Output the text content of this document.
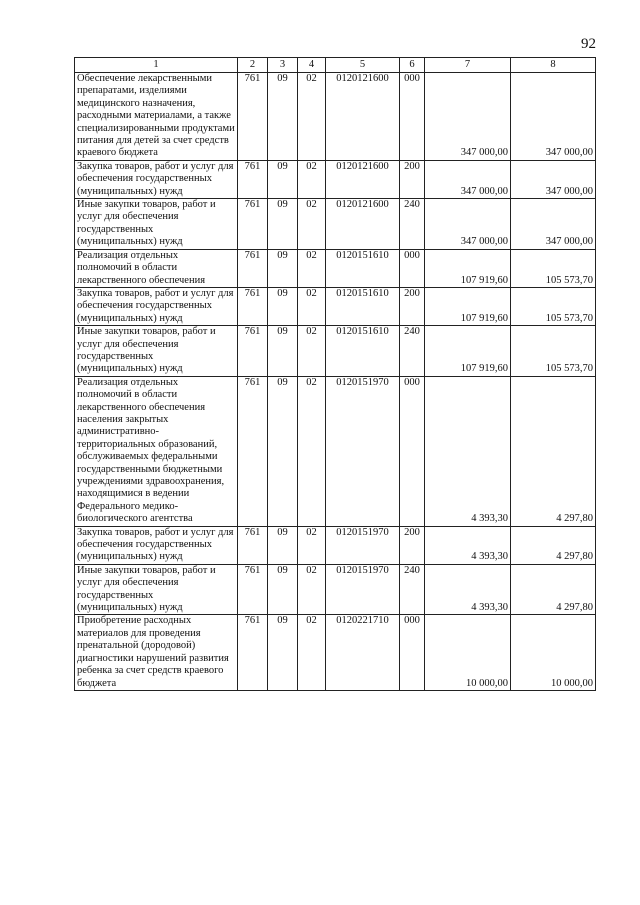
92
1	2	3	4	5	6	7	8
Обеспечение лекарственными препаратами, изделиями медицинского назначения, расходными материалами, а также специализированными продуктами питания для детей за счет средств краевого бюджета	761	09	02	0120121600	000	347 000,00	347 000,00
Закупка товаров, работ и услуг для обеспечения государственных (муниципальных) нужд	761	09	02	0120121600	200	347 000,00	347 000,00
Иные закупки товаров, работ и услуг для обеспечения государственных (муниципальных) нужд	761	09	02	0120121600	240	347 000,00	347 000,00
Реализация отдельных полномочий в области лекарственного обеспечения	761	09	02	0120151610	000	107 919,60	105 573,70
Закупка товаров, работ и услуг для обеспечения государственных (муниципальных) нужд	761	09	02	0120151610	200	107 919,60	105 573,70
Иные закупки товаров, работ и услуг для обеспечения государственных (муниципальных) нужд	761	09	02	0120151610	240	107 919,60	105 573,70
Реализация отдельных полномочий в области лекарственного обеспечения населения закрытых административно-территориальных образований, обслуживаемых федеральными государственными бюджетными учреждениями здравоохранения, находящимися в ведении Федерального медико-биологического агентства	761	09	02	0120151970	000	4 393,30	4 297,80
Закупка товаров, работ и услуг для обеспечения государственных (муниципальных) нужд	761	09	02	0120151970	200	4 393,30	4 297,80
Иные закупки товаров, работ и услуг для обеспечения государственных (муниципальных) нужд	761	09	02	0120151970	240	4 393,30	4 297,80
Приобретение расходных материалов для проведения пренатальной (дородовой) диагностики нарушений развития ребенка за счет средств краевого бюджета	761	09	02	0120221710	000	10 000,00	10 000,00
